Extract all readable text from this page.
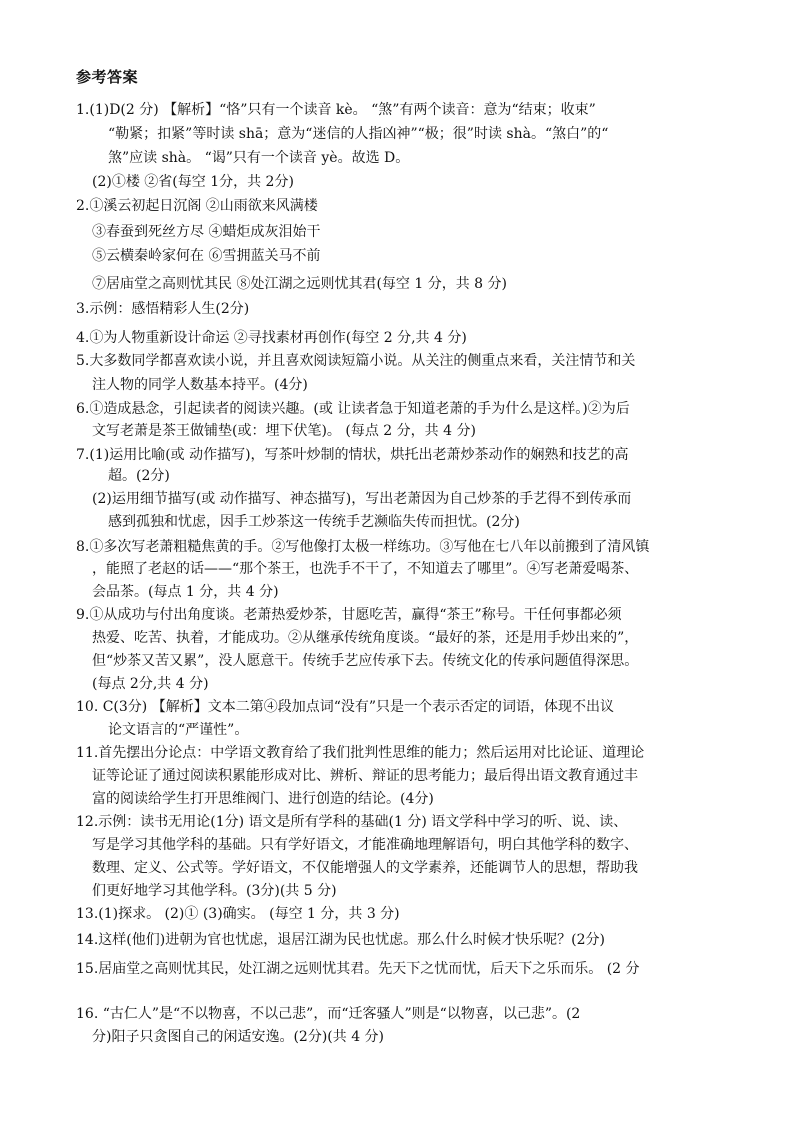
参考答案
1.(1)D(2 分) 【解析】“恪”只有一个读音 kè。 “煞”有两个读音：意为“结束；收束”
“勒紧；扣紧”等时读 shā；意为“迷信的人指凶神”“极；很”时读 shà。“煞白”的“
煞”应读 shà。 “谒”只有一个读音 yè。故选 D。
(2)①楼 ②省(每空 1分，共 2分)
2.①溪云初起日沉阁 ②山雨欲来风满楼
③春蚕到死丝方尽 ④蜡炬成灰泪始干
⑤云横秦岭家何在 ⑥雪拥蓝关马不前
⑦居庙堂之高则忧其民 ⑧处江湖之远则忧其君(每空 1 分，共 8 分)
3.示例：感悟精彩人生(2分)
4.①为人物重新设计命运 ②寻找素材再创作(每空 2 分,共 4 分)
5.大多数同学都喜欢读小说，并且喜欢阅读短篇小说。从关注的侧重点来看，关注情节和关
注人物的同学人数基本持平。(4分)
6.①造成悬念，引起读者的阅读兴趣。(或 让读者急于知道老萧的手为什么是这样。)②为后
文写老萧是茶王做铺垫(或：埋下伏笔)。 (每点 2 分，共 4 分)
7.(1)运用比喻(或 动作描写)，写茶叶炒制的情状，烘托出老萧炒茶动作的娴熟和技艺的高
超。(2分)
(2)运用细节描写(或 动作描写、神态描写)，写出老萧因为自己炒茶的手艺得不到传承而
感到孤独和忧虑，因手工炒茶这一传统手艺濒临失传而担忧。(2分)
8.①多次写老萧粗糙焦黄的手。②写他像打太极一样练功。③写他在七八年以前搬到了清风镇
，能照了老赵的话——“那个茶王，也洗手不干了，不知道去了哪里”。④写老萧爱喝茶、
会品茶。(每点 1 分，共 4 分)
9.①从成功与付出角度谈。老萧热爱炒茶，甘愿吃苦，赢得“茶王”称号。干任何事都必须
热爱、吃苦、执着，才能成功。②从继承传统角度谈。“最好的茶，还是用手炒出来的”，
但“炒茶又苦又累”，没人愿意干。传统手艺应传承下去。传统文化的传承问题值得深思。
(每点 2分,共 4 分)
10. C(3分) 【解析】文本二第④段加点词“没有”只是一个表示否定的词语，体现不出议
论文语言的“严谨性”。
11.首先摆出分论点：中学语文教育给了我们批判性思维的能力；然后运用对比论证、道理论
证等论证了通过阅读积累能形成对比、辨析、辩证的思考能力；最后得出语文教育通过丰
富的阅读给学生打开思维阀门、进行创造的结论。(4分)
12.示例：读书无用论(1分) 语文是所有学科的基础(1 分) 语文学科中学习的听、说、读、
写是学习其他学科的基础。只有学好语文，才能准确地理解语句，明白其他学科的数字、
数理、定义、公式等。学好语文，不仅能增强人的文学素养，还能调节人的思想，帮助我
们更好地学习其他学科。(3分)(共 5 分)
13.(1)探求。 (2)① (3)确实。 (每空 1 分，共 3 分)
14.这样(他们)进朝为官也忧虑，退居江湖为民也忧虑。那么什么时候才快乐呢？(2分)
15.居庙堂之高则忧其民，处江湖之远则忧其君。先天下之忧而忧，后天下之乐而乐。 (2 分
16. “古仁人”是“不以物喜，不以己悲”，而“迁客骚人”则是“以物喜，以己悲”。(2
分)阳子只贪图自己的闲适安逸。(2分)(共 4 分)
